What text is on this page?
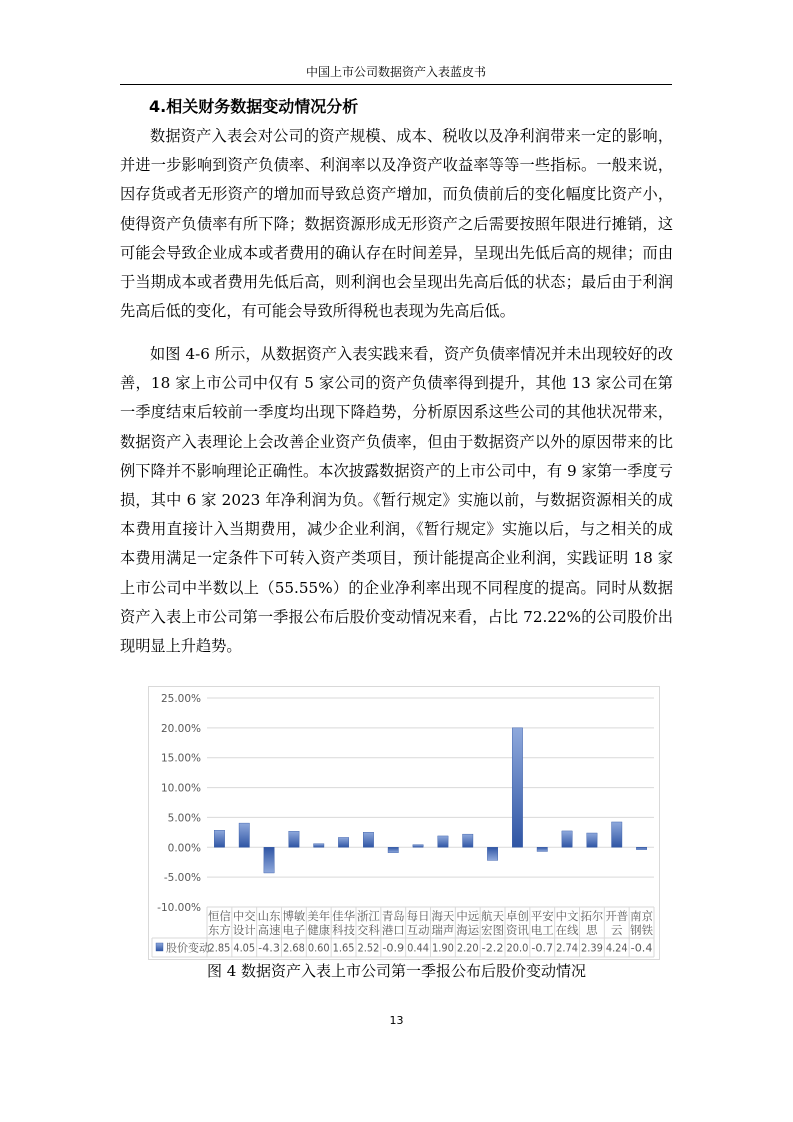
中国上市公司数据资产入表蓝皮书
4.相关财务数据变动情况分析

数据资产入表会对公司的资产规模、成本、税收以及净利润带来一定的影响，并进一步影响到资产负债率、利润率以及净资产收益率等等一些指标。一般来说，因存货或者无形资产的增加而导致总资产增加，而负债前后的变化幅度比资产小，使得资产负债率有所下降；数据资源形成无形资产之后需要按照年限进行摊销，这可能会导致企业成本或者费用的确认存在时间差异，呈现出先低后高的规律；而由于当期成本或者费用先低后高，则利润也会呈现出先高后低的状态；最后由于利润先高后低的变化，有可能会导致所得税也表现为先高后低。

如图 4-6 所示，从数据资产入表实践来看，资产负债率情况并未出现较好的改善，18 家上市公司中仅有 5 家公司的资产负债率得到提升，其他 13 家公司在第一季度结束后较前一季度均出现下降趋势，分析原因系这些公司的其他状况带来，数据资产入表理论上会改善企业资产负债率，但由于数据资产以外的原因带来的比例下降并不影响理论正确性。本次披露数据资产的上市公司中，有 9 家第一季度亏损，其中 6 家 2023 年净利润为负。《暂行规定》实施以前，与数据资源相关的成本费用直接计入当期费用，减少企业利润，《暂行规定》实施以后，与之相关的成本费用满足一定条件下可转入资产类项目，预计能提高企业利润，实践证明 18 家上市公司中半数以上（55.55%）的企业净利率出现不同程度的提高。同时从数据资产入表上市公司第一季报公布后股价变动情况来看，占比 72.22%的公司股价出现明显上升趋势。

25.00%
20.00%
15.00%
10.00%
5.00%
0.00%
-5.00%
-10.00%
股价变动
恒信
东方
2.85
中交
设计
4.05
山东
高速
-4.3
博敏
电子
2.68
美年
健康
0.60
佳华
科技
1.65
浙江
交科
2.52
青岛
港口
-0.9
每日
互动
0.44
海天
瑞声
1.90
中远
海运
2.20
航天
宏图
-2.2
卓创
资讯
20.0
平安
电工
-0.7
中文
在线
2.74
拓尔
思
2.39
开普
云
4.24
南京
钢铁
-0.4
图 4 数据资产入表上市公司第一季报公布后股价变动情况
13
